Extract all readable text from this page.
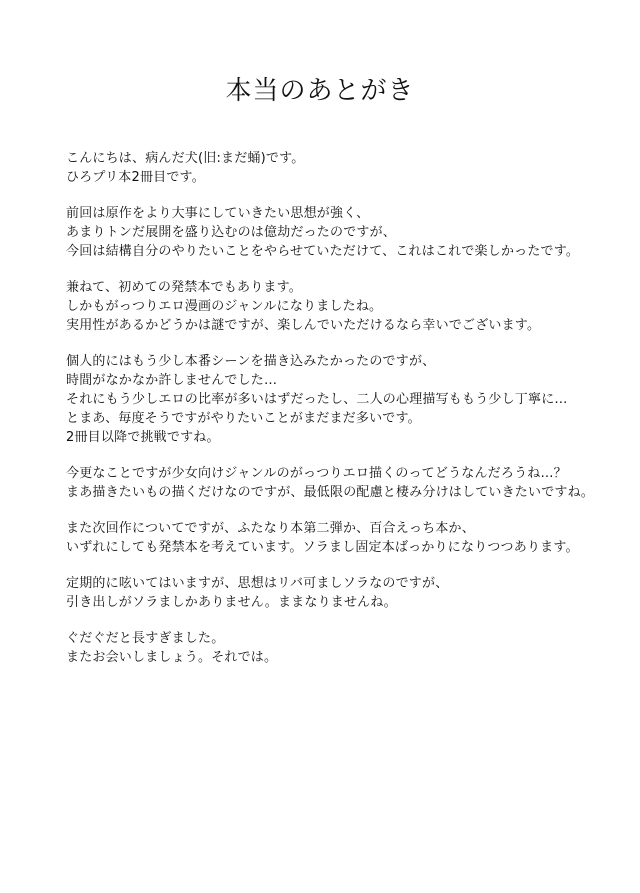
本当のあとがき
こんにちは、病んだ犬(旧:まだ蛹)です。
ひろプリ本2冊目です。
前回は原作をより大事にしていきたい思想が強く、
あまりトンだ展開を盛り込むのは億劫だったのですが、
今回は結構自分のやりたいことをやらせていただけて、これはこれで楽しかったです。
兼ねて、初めての発禁本でもあります。
しかもがっつりエロ漫画のジャンルになりましたね。
実用性があるかどうかは謎ですが、楽しんでいただけるなら幸いでございます。
個人的にはもう少し本番シーンを描き込みたかったのですが、
時間がなかなか許しませんでした…
それにもう少しエロの比率が多いはずだったし、二人の心理描写ももう少し丁寧に…
とまあ、毎度そうですがやりたいことがまだまだ多いです。
2冊目以降で挑戦ですね。
今更なことですが少女向けジャンルのがっつりエロ描くのってどうなんだろうね…？
まあ描きたいもの描くだけなのですが、最低限の配慮と棲み分けはしていきたいですね。
また次回作についてですが、ふたなり本第二弾か、百合えっち本か、
いずれにしても発禁本を考えています。ソラまし固定本ばっかりになりつつあります。
定期的に呟いてはいますが、思想はリバ可ましソラなのですが、
引き出しがソラましかありません。ままなりませんね。
ぐだぐだと長すぎました。
またお会いしましょう。それでは。
